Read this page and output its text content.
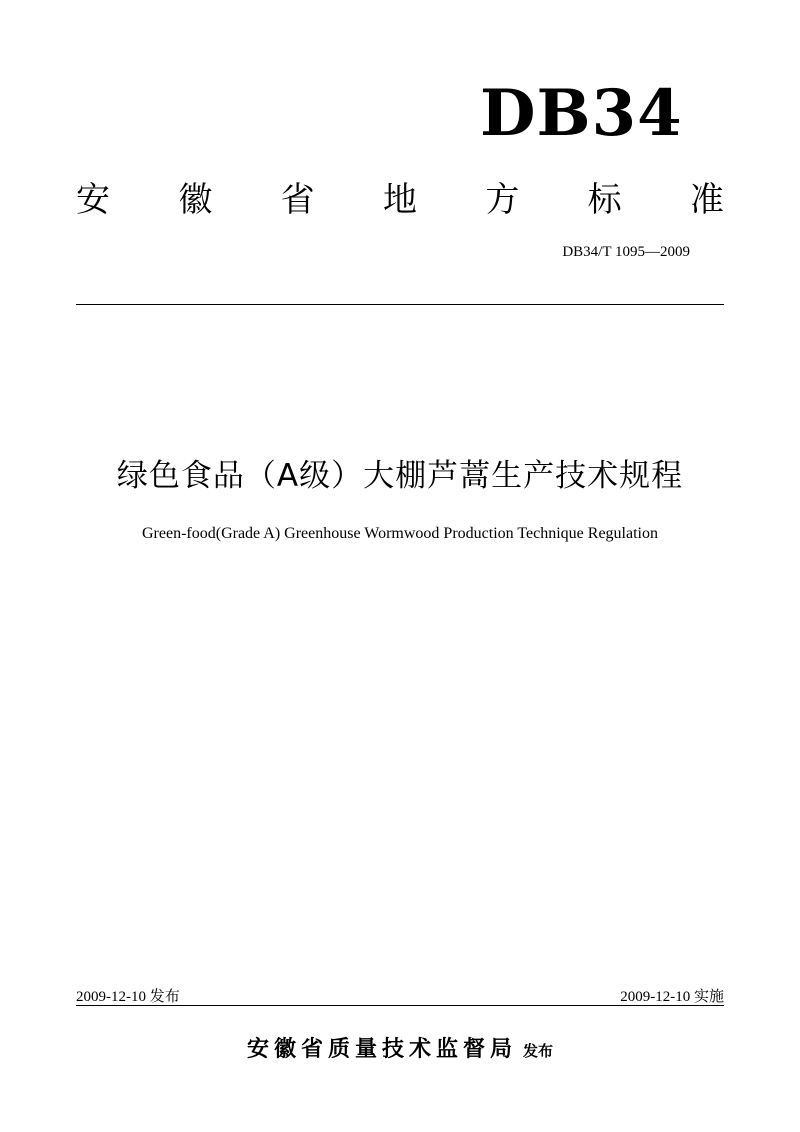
DB34
安 徽 省 地 方 标 准
DB34/T 1095—2009
绿色食品（A级）大棚芦蒿生产技术规程
Green-food(Grade A) Greenhouse Wormwood Production Technique Regulation
2009-12-10 发布	2009-12-10 实施
安徽省质量技术监督局 发布
